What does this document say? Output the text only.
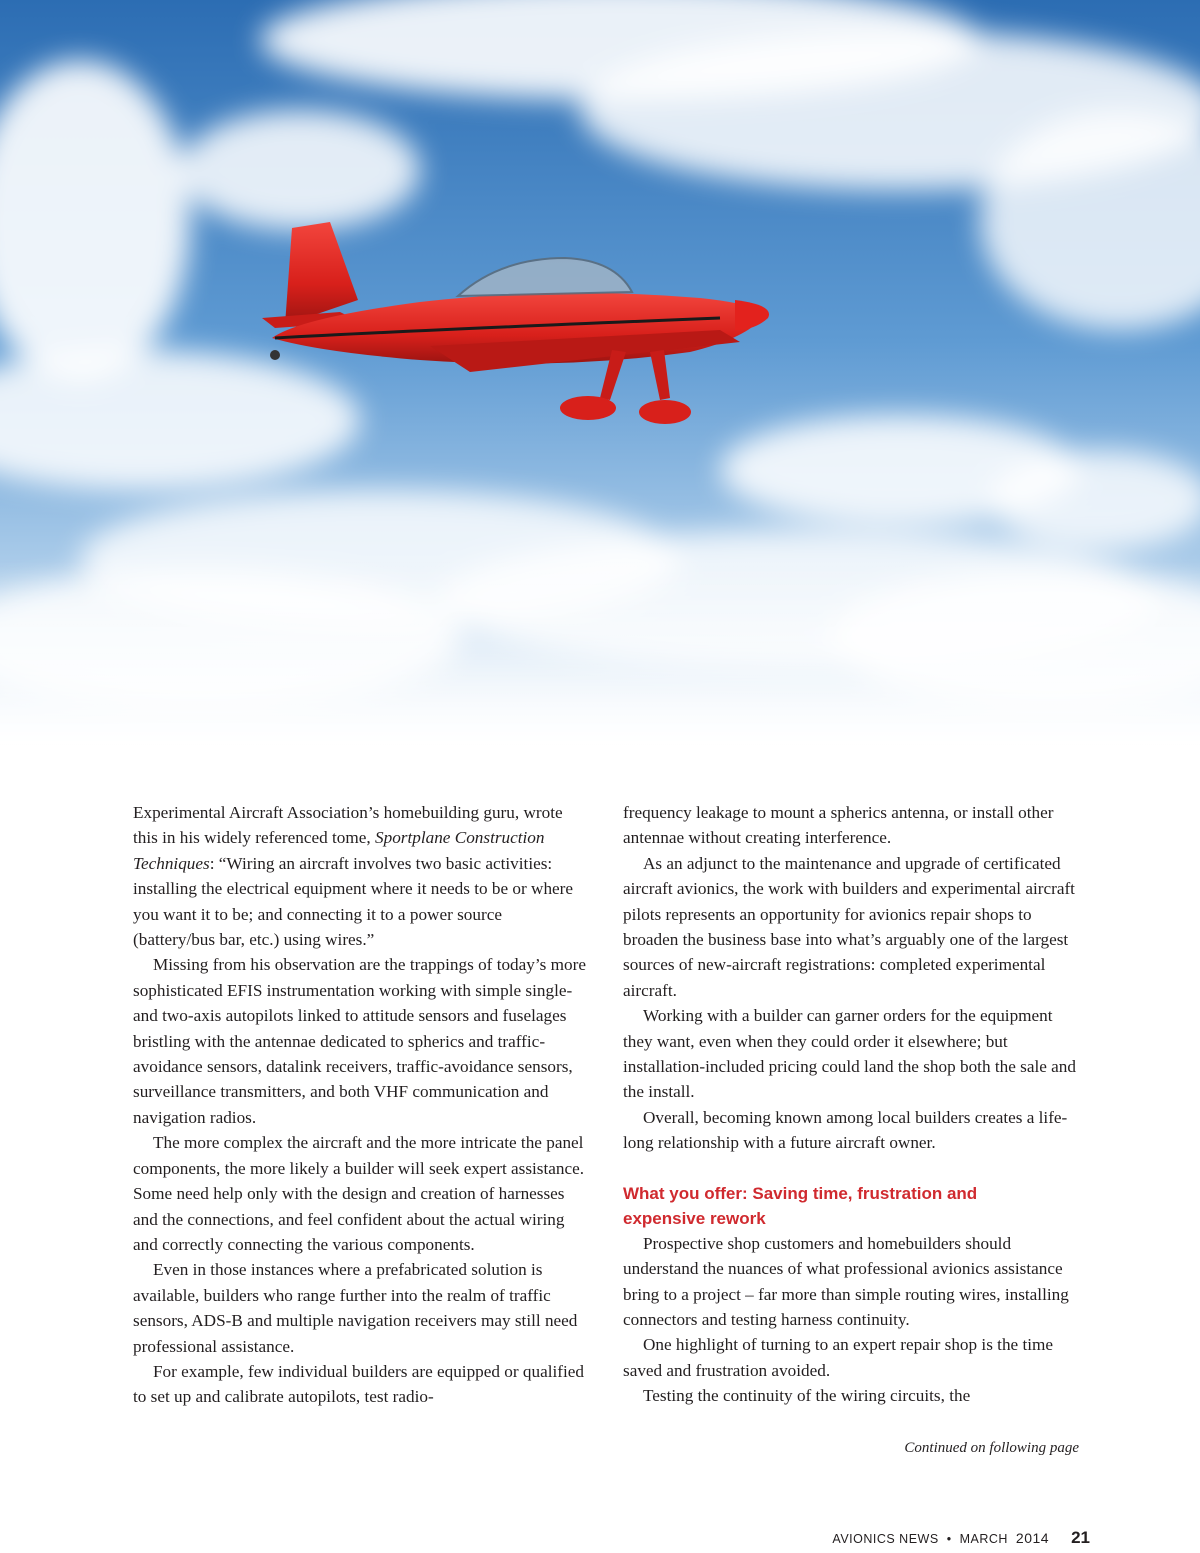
Experimental Aircraft Association’s homebuilding guru, wrote this in his widely referenced tome, Sportplane Construction Techniques: “Wiring an aircraft involves two basic activities: installing the electrical equipment where it needs to be or where you want it to be; and connecting it to a power source (battery/bus bar, etc.) using wires.”

Missing from his observation are the trappings of today’s more sophisticated EFIS instrumentation working with simple single- and two-axis autopilots linked to attitude sensors and fuselages bristling with the antennae dedicated to spherics and traffic-avoidance sensors, datalink receivers, traffic-avoidance sensors, surveillance transmitters, and both VHF communication and navigation radios.

The more complex the aircraft and the more intricate the panel components, the more likely a builder will seek expert assistance. Some need help only with the design and creation of harnesses and the connections, and feel confident about the actual wiring and correctly connecting the various components.

Even in those instances where a prefabricated solution is available, builders who range further into the realm of traffic sensors, ADS-B and multiple navigation receivers may still need professional assistance.

For example, few individual builders are equipped or qualified to set up and calibrate autopilots, test radio-

frequency leakage to mount a spherics antenna, or install other antennae without creating interference.

As an adjunct to the maintenance and upgrade of certificated aircraft avionics, the work with builders and experimental aircraft pilots represents an opportunity for avionics repair shops to broaden the business base into what’s arguably one of the largest sources of new-aircraft registrations: completed experimental aircraft.

Working with a builder can garner orders for the equipment they want, even when they could order it elsewhere; but installation-included pricing could land the shop both the sale and the install.

Overall, becoming known among local builders creates a life-long relationship with a future aircraft owner.

What you offer: Saving time, frustration and expensive rework

Prospective shop customers and homebuilders should understand the nuances of what professional avionics assistance bring to a project – far more than simple routing wires, installing connectors and testing harness continuity.

One highlight of turning to an expert repair shop is the time saved and frustration avoided.

Testing the continuity of the wiring circuits, the

Continued on following page
AVIONICS NEWS • MARCH 2014 21
